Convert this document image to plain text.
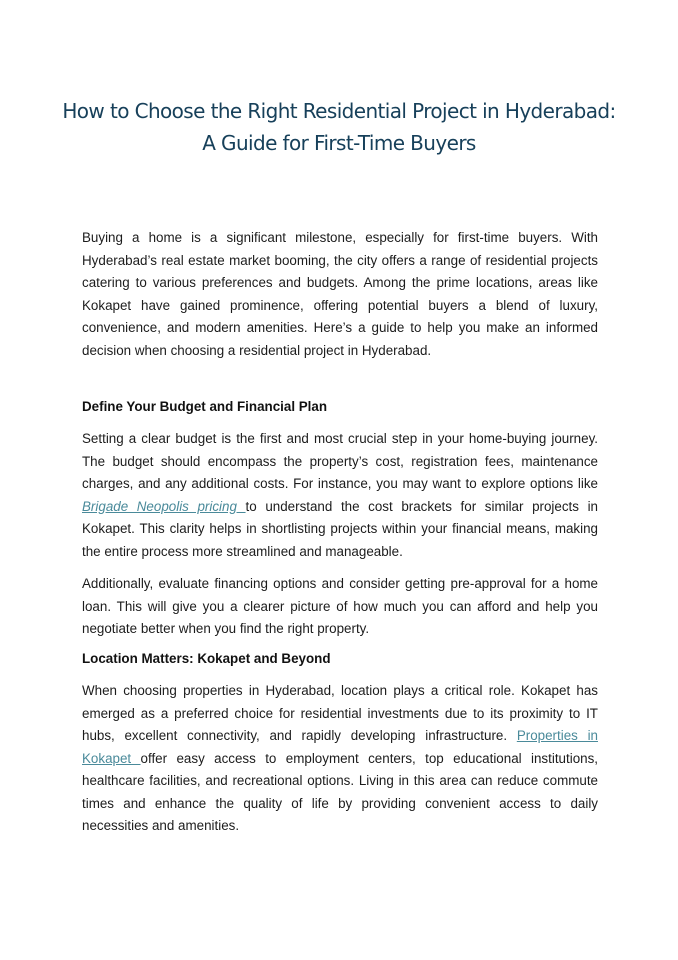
How to Choose the Right Residential Project in Hyderabad: A Guide for First-Time Buyers

Buying a home is a significant milestone, especially for first-time buyers. With Hyderabad’s real estate market booming, the city offers a range of residential projects catering to various preferences and budgets. Among the prime locations, areas like Kokapet have gained prominence, offering potential buyers a blend of luxury, convenience, and modern amenities. Here’s a guide to help you make an informed decision when choosing a residential project in Hyderabad.

Define Your Budget and Financial Plan

Setting a clear budget is the first and most crucial step in your home-buying journey. The budget should encompass the property’s cost, registration fees, maintenance charges, and any additional costs. For instance, you may want to explore options like Brigade Neopolis pricing to understand the cost brackets for similar projects in Kokapet. This clarity helps in shortlisting projects within your financial means, making the entire process more streamlined and manageable.

Additionally, evaluate financing options and consider getting pre-approval for a home loan. This will give you a clearer picture of how much you can afford and help you negotiate better when you find the right property.

Location Matters: Kokapet and Beyond

When choosing properties in Hyderabad, location plays a critical role. Kokapet has emerged as a preferred choice for residential investments due to its proximity to IT hubs, excellent connectivity, and rapidly developing infrastructure. Properties in Kokapet offer easy access to employment centers, top educational institutions, healthcare facilities, and recreational options. Living in this area can reduce commute times and enhance the quality of life by providing convenient access to daily necessities and amenities.
